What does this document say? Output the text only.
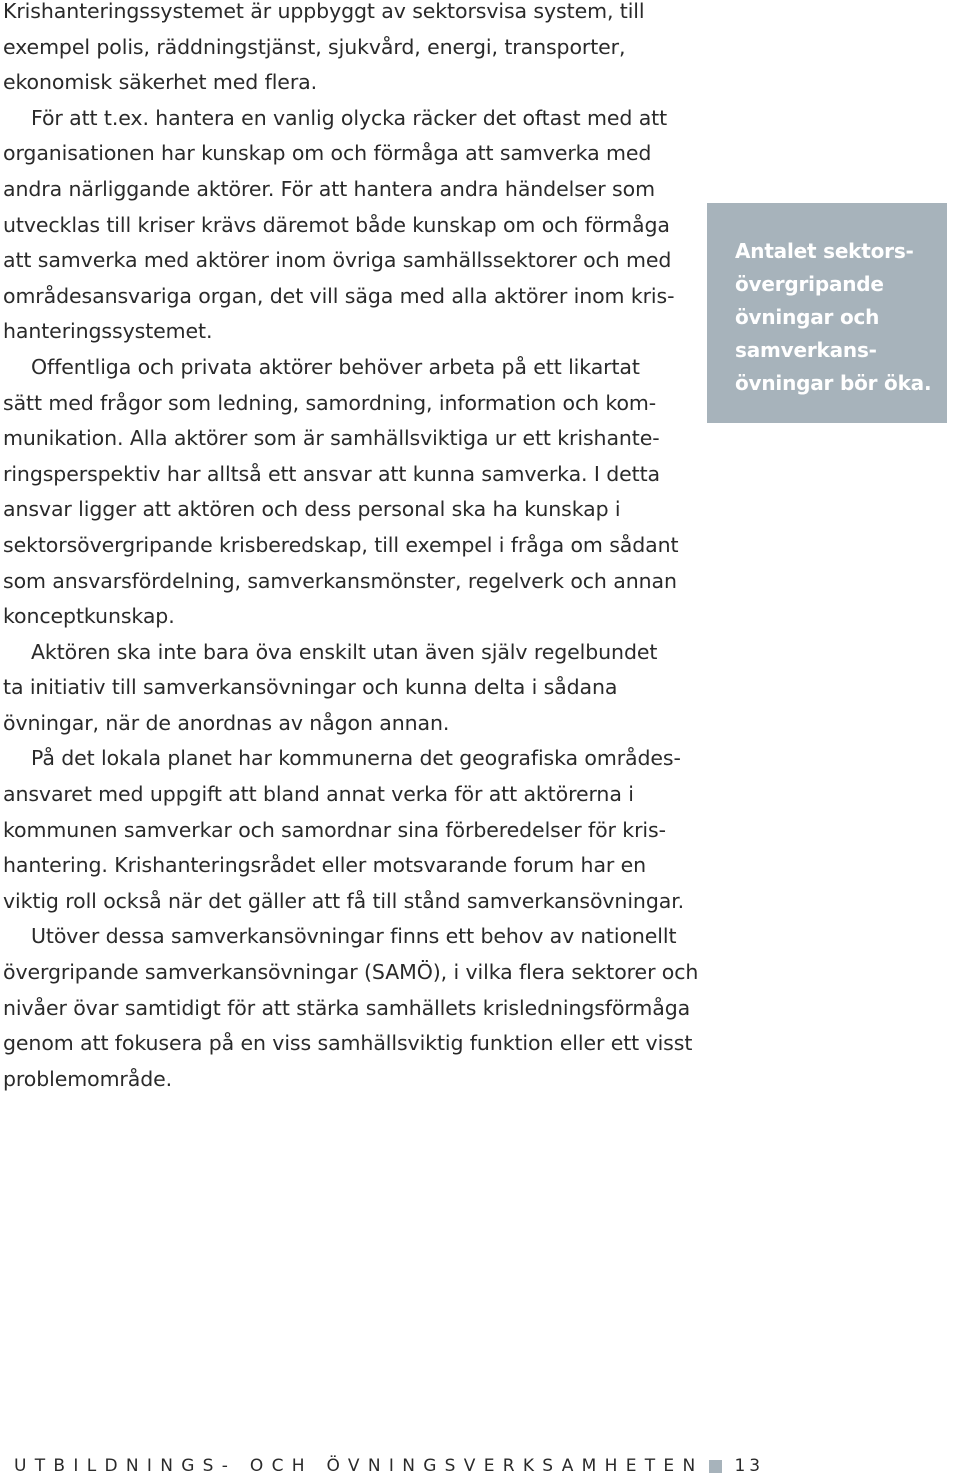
Krishanteringssystemet är uppbyggt av sektorsvisa system, till
exempel polis, räddningstjänst, sjukvård, energi, transporter,
ekonomisk säkerhet med flera.
För att t.ex. hantera en vanlig olycka räcker det oftast med att
organisationen har kunskap om och förmåga att samverka med
andra närliggande aktörer. För att hantera andra händelser som
utvecklas till kriser krävs däremot både kunskap om och förmåga
att samverka med aktörer inom övriga samhällssektorer och med
områdesansvariga organ, det vill säga med alla aktörer inom kris-
hanteringssystemet.
Offentliga och privata aktörer behöver arbeta på ett likartat
sätt med frågor som ledning, samordning, information och kom-
munikation. Alla aktörer som är samhällsviktiga ur ett krishante-
ringsperspektiv har alltså ett ansvar att kunna samverka. I detta
ansvar ligger att aktören och dess personal ska ha kunskap i
sektorsövergripande krisberedskap, till exempel i fråga om sådant
som ansvarsfördelning, samverkansmönster, regelverk och annan
konceptkunskap.
Aktören ska inte bara öva enskilt utan även själv regelbundet
ta initiativ till samverkansövningar och kunna delta i sådana
övningar, när de anordnas av någon annan.
På det lokala planet har kommunerna det geografiska områdes-
ansvaret med uppgift att bland annat verka för att aktörerna i
kommunen samverkar och samordnar sina förberedelser för kris-
hantering. Krishanteringsrådet eller motsvarande forum har en
viktig roll också när det gäller att få till stånd samverkansövningar.
Utöver dessa samverkansövningar finns ett behov av nationellt
övergripande samverkansövningar (SAMÖ), i vilka flera sektorer och
nivåer övar samtidigt för att stärka samhällets krisledningsförmåga
genom att fokusera på en viss samhällsviktig funktion eller ett visst
problemområde.
Antalet sektors-
övergripande
övningar och
samverkans-
övningar bör öka.
UTBILDNINGS- OCH ÖVNINGSVERKSAMHETEN 13
